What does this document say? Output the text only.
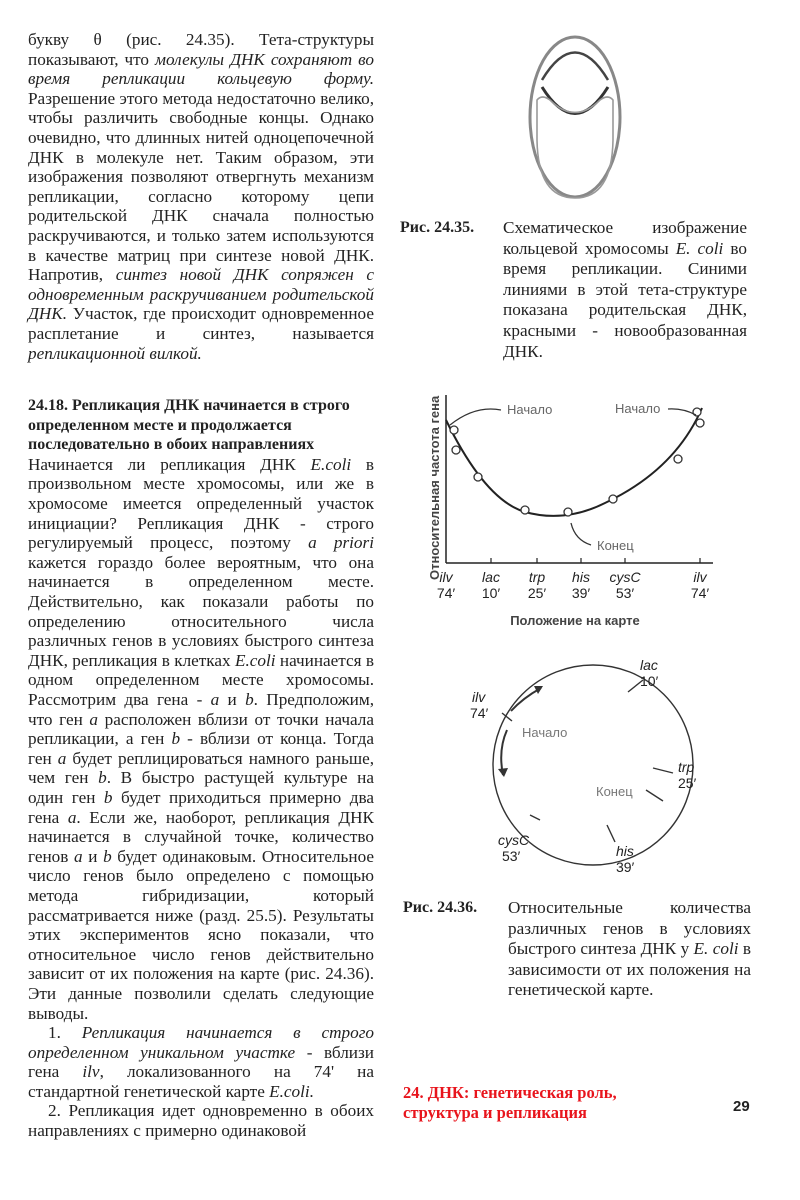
букву θ (рис. 24.35). Тета-структуры показывают, что молекулы ДНК сохраняют во время репликации кольцевую форму. Разрешение этого метода недостаточно велико, чтобы различить свободные концы. Однако очевидно, что длинных нитей одноцепочечной ДНК в молекуле нет. Таким образом, эти изображения позволяют отвергнуть механизм репликации, согласно которому цепи родительской ДНК сначала полностью раскручиваются, и только затем используются в качестве матриц при синтезе новой ДНК. Напротив, синтез новой ДНК сопряжен с одновременным раскручиванием родительской ДНК. Участок, где происходит одновременное расплетание и синтез, называется репликационной вилкой.

24.18. Репликация ДНК начинается в строго определенном месте и продолжается последовательно в обоих направлениях

Начинается ли репликация ДНК E.coli в произвольном месте хромосомы, или же в хромосоме имеется определенный участок инициации? Репликация ДНК - строго регулируемый процесс, поэтому a priori кажется гораздо более вероятным, что она начинается в определенном месте. Действительно, как показали работы по определению относительного числа различных генов в условиях быстрого синтеза ДНК, репликация в клетках E.coli начинается в одном определенном месте хромосомы. Рассмотрим два гена - a и b. Предположим, что ген a расположен вблизи от точки начала репликации, а ген b - вблизи от конца. Тогда ген a будет реплицироваться намного раньше, чем ген b. В быстро растущей культуре на один ген b будет приходиться примерно два гена a. Если же, наоборот, репликация ДНК начинается в случайной точке, количество генов a и b будет одинаковым. Относительное число генов было определено с помощью метода гибридизации, который рассматривается ниже (разд. 25.5). Результаты этих экспериментов ясно показали, что относительное число генов действительно зависит от их положения на карте (рис. 24.36). Эти данные позволили сделать следующие выводы.

1. Репликация начинается в строго определенном уникальном участке - вблизи гена ilv, локализованного на 74' на стандартной генетической карте E.coli.

2. Репликация идет одновременно в обоих направлениях с примерно одинаковой

Рис. 24.35. Схематическое изображение кольцевой хромосомы E. coli во время репликации. Синими линиями в этой тета-структуре показана родительская ДНК, красными - новообразованная ДНК.
Относительная частота гена	Начало	Начало
Конец
ilv
74′
lac
10′
trp
25′
his
39′
cysC
53′
ilv
74′
Положение на карте
lac
10′
trp
25′
his
39′
cysC
53′
ilv
74′
Начало
Конец
Рис. 24.36. Относительные количества различных генов в условиях быстрого синтеза ДНК у E. coli в зависимости от их положения на генетической карте.
24. ДНК: генетическая роль, структура и репликация	29
